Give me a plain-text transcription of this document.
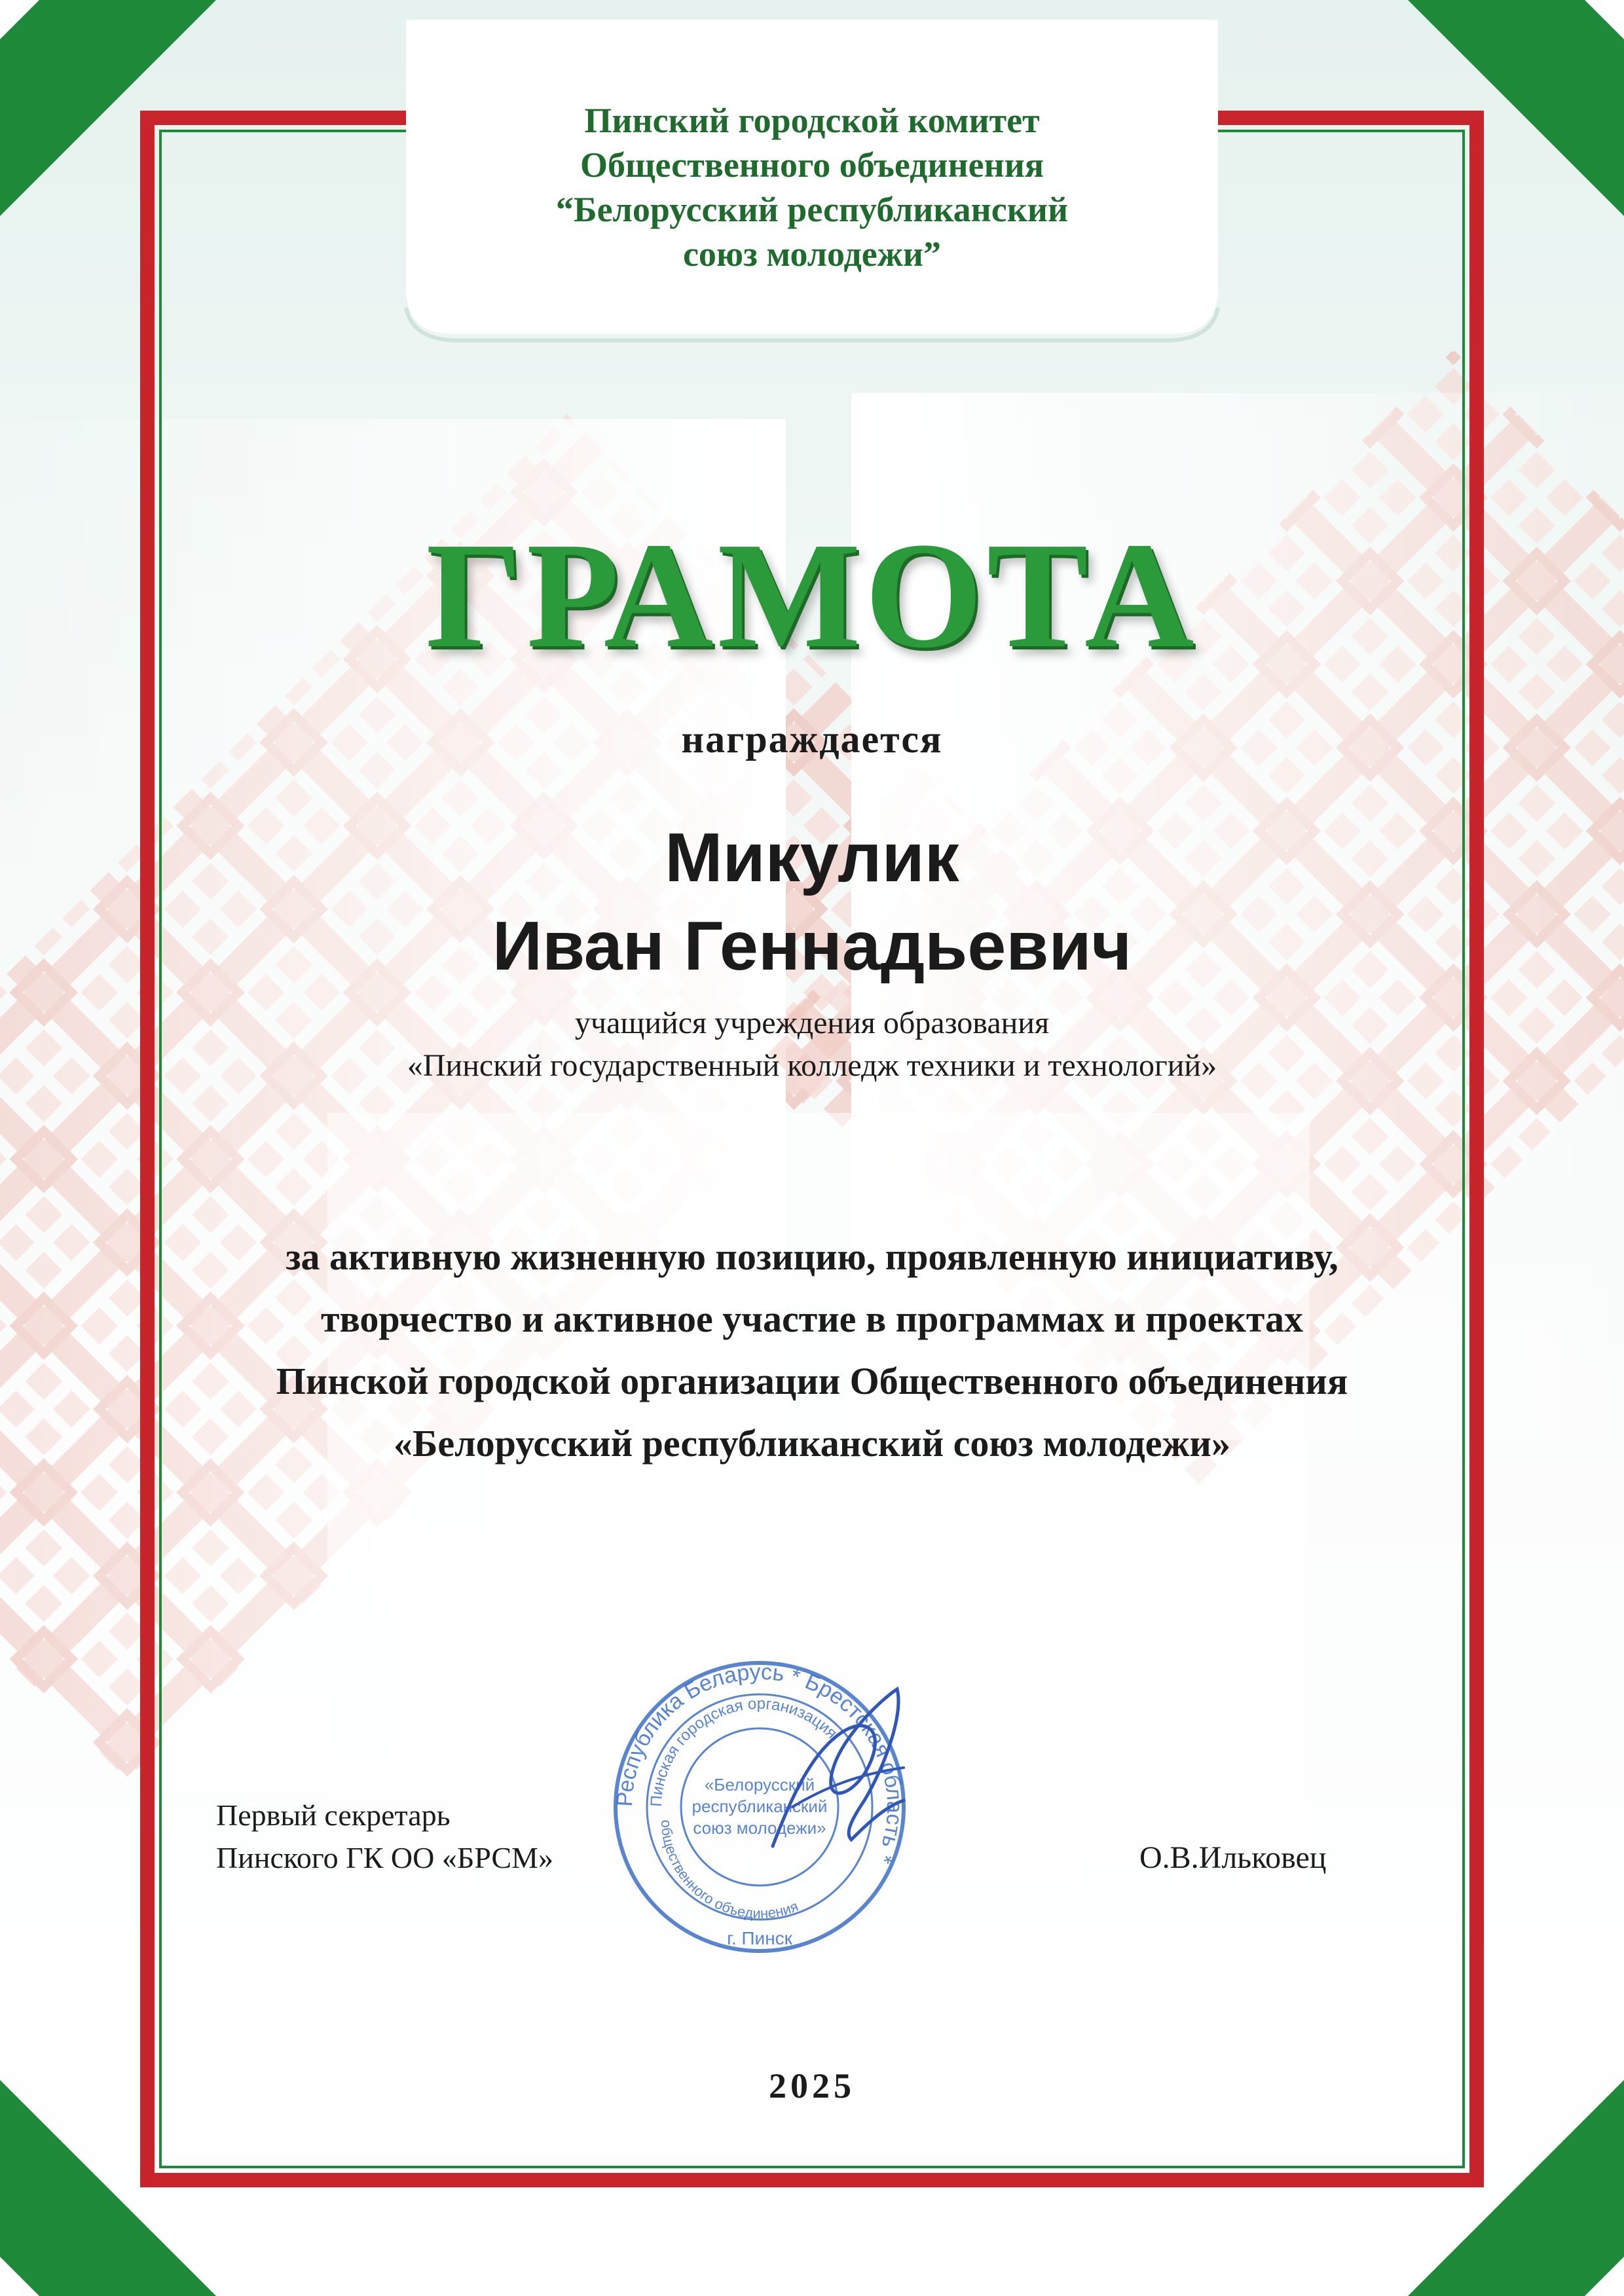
Пинский городской комитет
Общественного объединения
“Белорусский республиканский
союз молодежи”
ГРАМОТА
награждается
Микулик
Иван Геннадьевич
учащийся учреждения образования
«Пинский государственный колледж техники и технологий»
за активную жизненную позицию, проявленную инициативу,
творчество и активное участие в программах и проектах
Пинской городской организации Общественного объединения
«Белорусский республиканский союз молодежи»
Республика Беларусь * Брестская область *
Пинская городская организация
общественного объединения
«Белорусский
республиканский
союз молодежи»
г. Пинск
Первый секретарь
Пинского ГК ОО «БРСМ»	О.В.Ильковец
2025
